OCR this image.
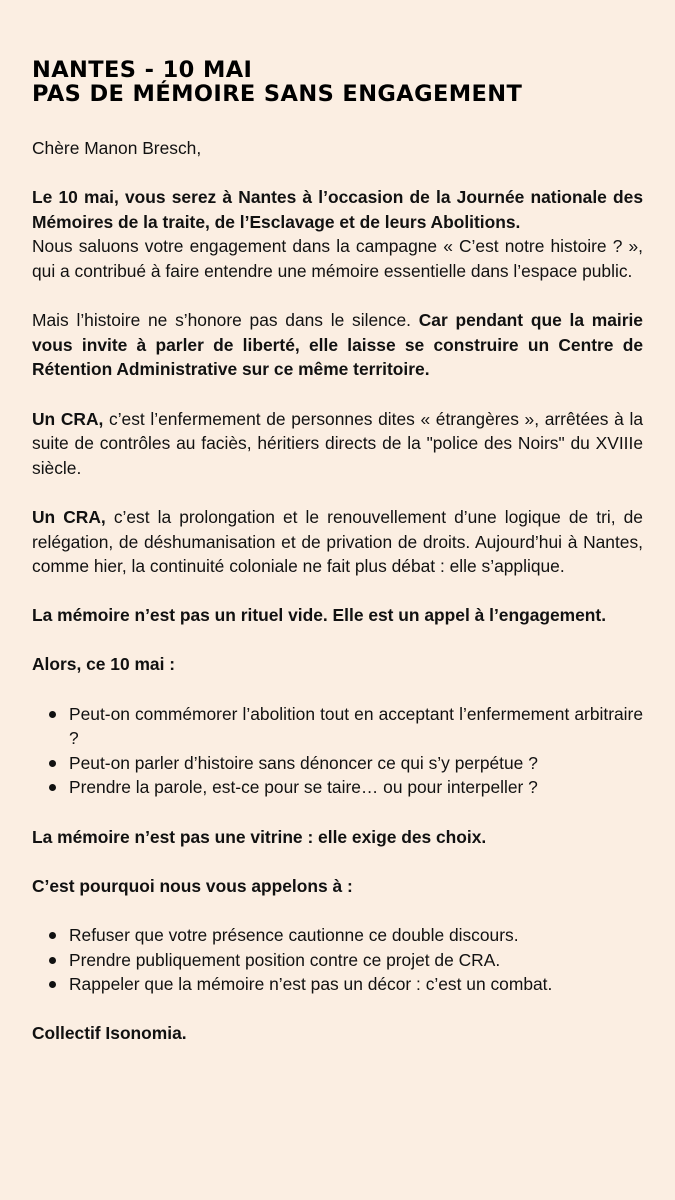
NANTES - 10 MAI
PAS DE MÉMOIRE SANS ENGAGEMENT

Chère Manon Bresch,

Le 10 mai, vous serez à Nantes à l’occasion de la Journée nationale des Mémoires de la traite, de l’Esclavage et de leurs Abolitions.
Nous saluons votre engagement dans la campagne « C’est notre histoire ? », qui a contribué à faire entendre une mémoire essentielle dans l’espace public.

Mais l’histoire ne s’honore pas dans le silence. Car pendant que la mairie vous invite à parler de liberté, elle laisse se construire un Centre de Rétention Administrative sur ce même territoire.

Un CRA, c’est l’enfermement de personnes dites « étrangères », arrêtées à la suite de contrôles au faciès, héritiers directs de la "police des Noirs" du XVIIIe siècle.

Un CRA, c’est la prolongation et le renouvellement d’une logique de tri, de relégation, de déshumanisation et de privation de droits. Aujourd’hui à Nantes, comme hier, la continuité coloniale ne fait plus débat : elle s’applique.

La mémoire n’est pas un rituel vide. Elle est un appel à l’engagement.

Alors, ce 10 mai :

Peut-on commémorer l’abolition tout en acceptant l’enfermement arbitraire ?
Peut-on parler d’histoire sans dénoncer ce qui s’y perpétue ?
Prendre la parole, est-ce pour se taire… ou pour interpeller ?

La mémoire n’est pas une vitrine : elle exige des choix.

C’est pourquoi nous vous appelons à :

Refuser que votre présence cautionne ce double discours.
Prendre publiquement position contre ce projet de CRA.
Rappeler que la mémoire n’est pas un décor : c’est un combat.

Collectif Isonomia.
